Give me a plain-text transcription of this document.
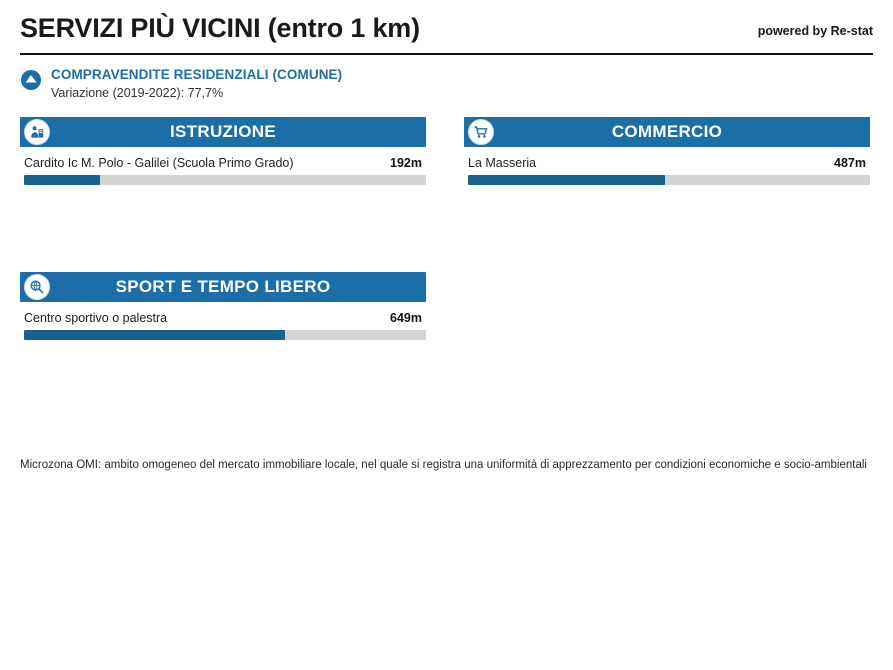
SERVIZI PIÙ VICINI (entro 1 km)	powered by Re-stat
COMPRAVENDITE RESIDENZIALI (COMUNE)
Variazione (2019-2022): 77,7%
ISTRUZIONE
Cardito Ic M. Polo - Galilei (Scuola Primo Grado)	192m
COMMERCIO
La Masseria	487m
SPORT E TEMPO LIBERO
Centro sportivo o palestra	649m
Microzona OMI: ambito omogeneo del mercato immobiliare locale, nel quale si registra una uniformità di apprezzamento per condizioni economiche e socio-ambientali
